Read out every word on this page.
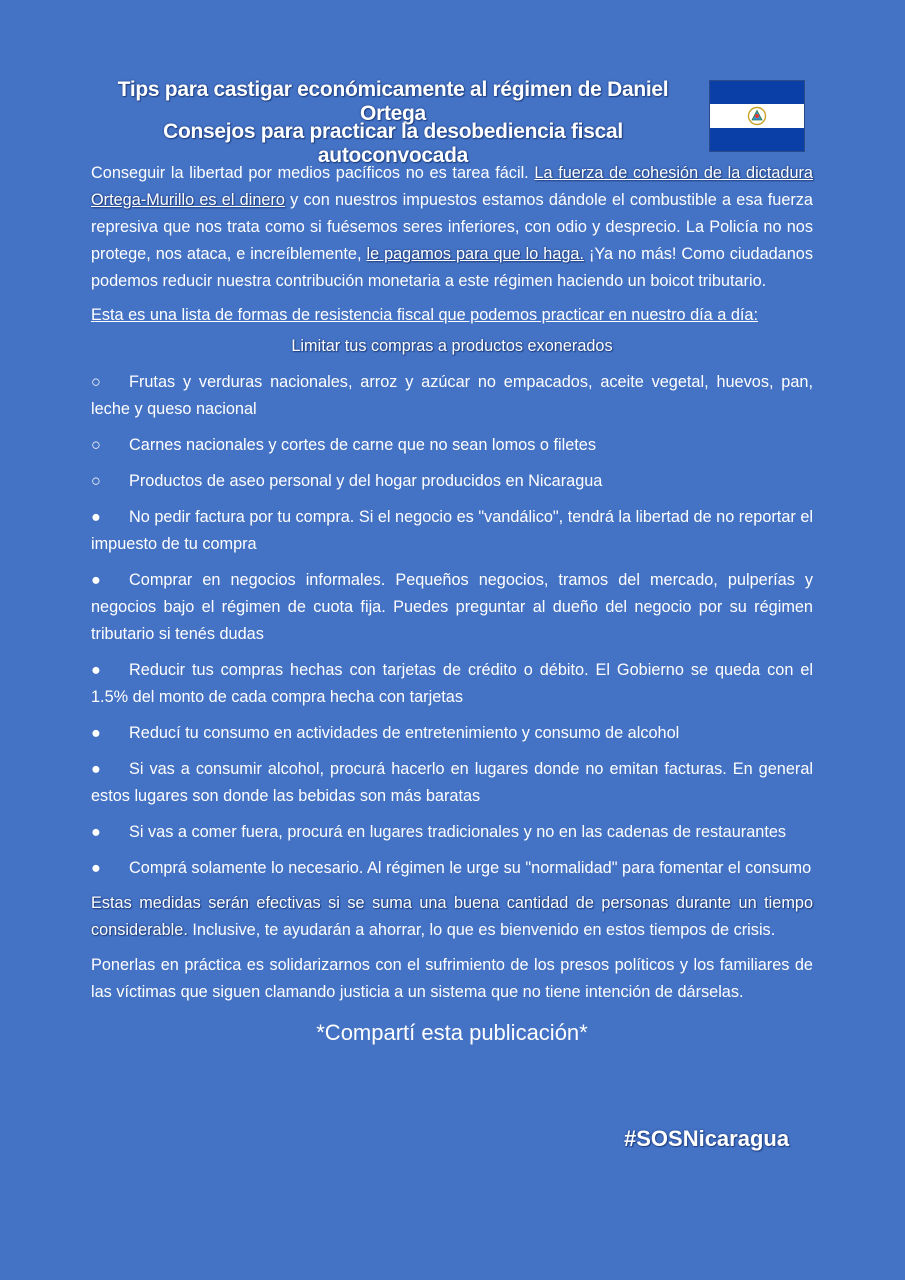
Tips para castigar económicamente al régimen de Daniel Ortega
Consejos para practicar la desobediencia fiscal autoconvocada

Conseguir la libertad por medios pacíficos no es tarea fácil. La fuerza de cohesión de la dictadura Ortega-Murillo es el dinero y con nuestros impuestos estamos dándole el combustible a esa fuerza represiva que nos trata como si fuésemos seres inferiores, con odio y desprecio. La Policía no nos protege, nos ataca, e increíblemente, le pagamos para que lo haga. ¡Ya no más! Como ciudadanos podemos reducir nuestra contribución monetaria a este régimen haciendo un boicot tributario.

Esta es una lista de formas de resistencia fiscal que podemos practicar en nuestro día a día:

Limitar tus compras a productos exonerados

○ Frutas y verduras nacionales, arroz y azúcar no empacados, aceite vegetal, huevos, pan, leche y queso nacional

○ Carnes nacionales y cortes de carne que no sean lomos o filetes

○ Productos de aseo personal y del hogar producidos en Nicaragua

● No pedir factura por tu compra. Si el negocio es "vandálico", tendrá la libertad de no reportar el impuesto de tu compra

● Comprar en negocios informales. Pequeños negocios, tramos del mercado, pulperías y negocios bajo el régimen de cuota fija. Puedes preguntar al dueño del negocio por su régimen tributario si tenés dudas

● Reducir tus compras hechas con tarjetas de crédito o débito. El Gobierno se queda con el 1.5% del monto de cada compra hecha con tarjetas

● Reducí tu consumo en actividades de entretenimiento y consumo de alcohol

● Si vas a consumir alcohol, procurá hacerlo en lugares donde no emitan facturas. En general estos lugares son donde las bebidas son más baratas

● Si vas a comer fuera, procurá en lugares tradicionales y no en las cadenas de restaurantes

● Comprá solamente lo necesario. Al régimen le urge su "normalidad" para fomentar el consumo

Estas medidas serán efectivas si se suma una buena cantidad de personas durante un tiempo considerable. Inclusive, te ayudarán a ahorrar, lo que es bienvenido en estos tiempos de crisis.

Ponerlas en práctica es solidarizarnos con el sufrimiento de los presos políticos y los familiares de las víctimas que siguen clamando justicia a un sistema que no tiene intención de dárselas.

*Compartí esta publicación*
#SOSNicaragua
